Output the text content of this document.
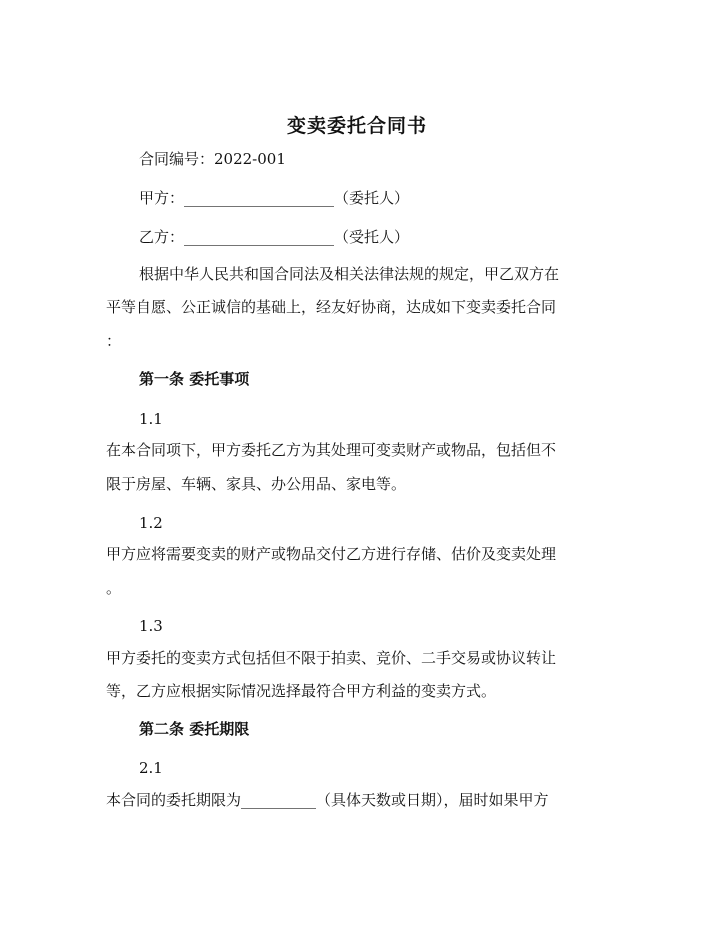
变卖委托合同书
合同编号：2022-001
甲方：____________________（委托人）
乙方：____________________（受托人）
根据中华人民共和国合同法及相关法律法规的规定，甲乙双方在
平等自愿、公正诚信的基础上，经友好协商，达成如下变卖委托合同
：
第一条 委托事项
1.1
在本合同项下，甲方委托乙方为其处理可变卖财产或物品，包括但不
限于房屋、车辆、家具、办公用品、家电等。
1.2
甲方应将需要变卖的财产或物品交付乙方进行存储、估价及变卖处理
。
1.3
甲方委托的变卖方式包括但不限于拍卖、竞价、二手交易或协议转让
等，乙方应根据实际情况选择最符合甲方利益的变卖方式。
第二条 委托期限
2.1
本合同的委托期限为__________（具体天数或日期），届时如果甲方
